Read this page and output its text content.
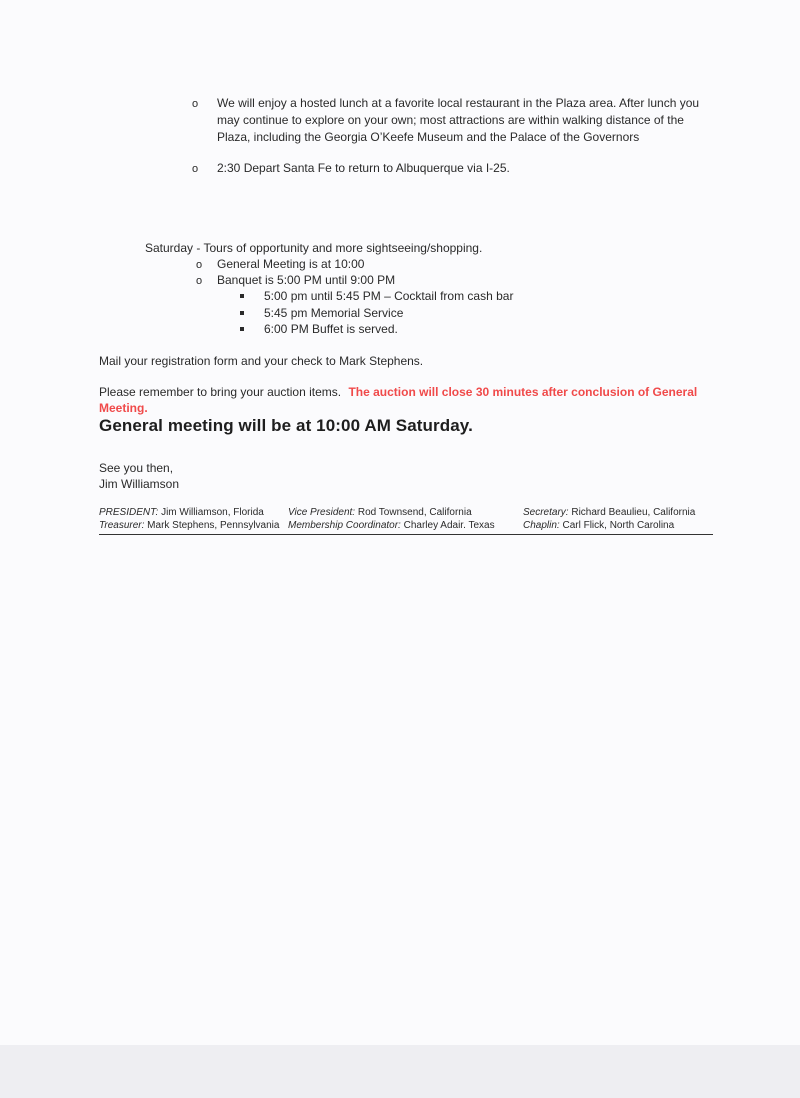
o We will enjoy a hosted lunch at a favorite local restaurant in the Plaza area. After lunch you
may continue to explore on your own; most attractions are within walking distance of the
Plaza, including the Georgia O’Keefe Museum and the Palace of the Governors
o 2:30 Depart Santa Fe to return to Albuquerque via I-25.
Saturday - Tours of opportunity and more sightseeing/shopping.
o General Meeting is at 10:00
o Banquet is 5:00 PM until 9:00 PM
5:00 pm until 5:45 PM – Cocktail from cash bar
5:45 pm Memorial Service
6:00 PM Buffet is served.
Mail your registration form and your check to Mark Stephens.
Please remember to bring your auction items. The auction will close 30 minutes after conclusion of General
Meeting.
General meeting will be at 10:00 AM Saturday.
See you then,
Jim Williamson
PRESIDENT: Jim Williamson, Florida Vice President: Rod Townsend, California	Secretary: Richard Beaulieu, California
Treasurer: Mark Stephens, Pennsylvania Membership Coordinator: Charley Adair. Texas	Chaplin: Carl Flick, North Carolina
